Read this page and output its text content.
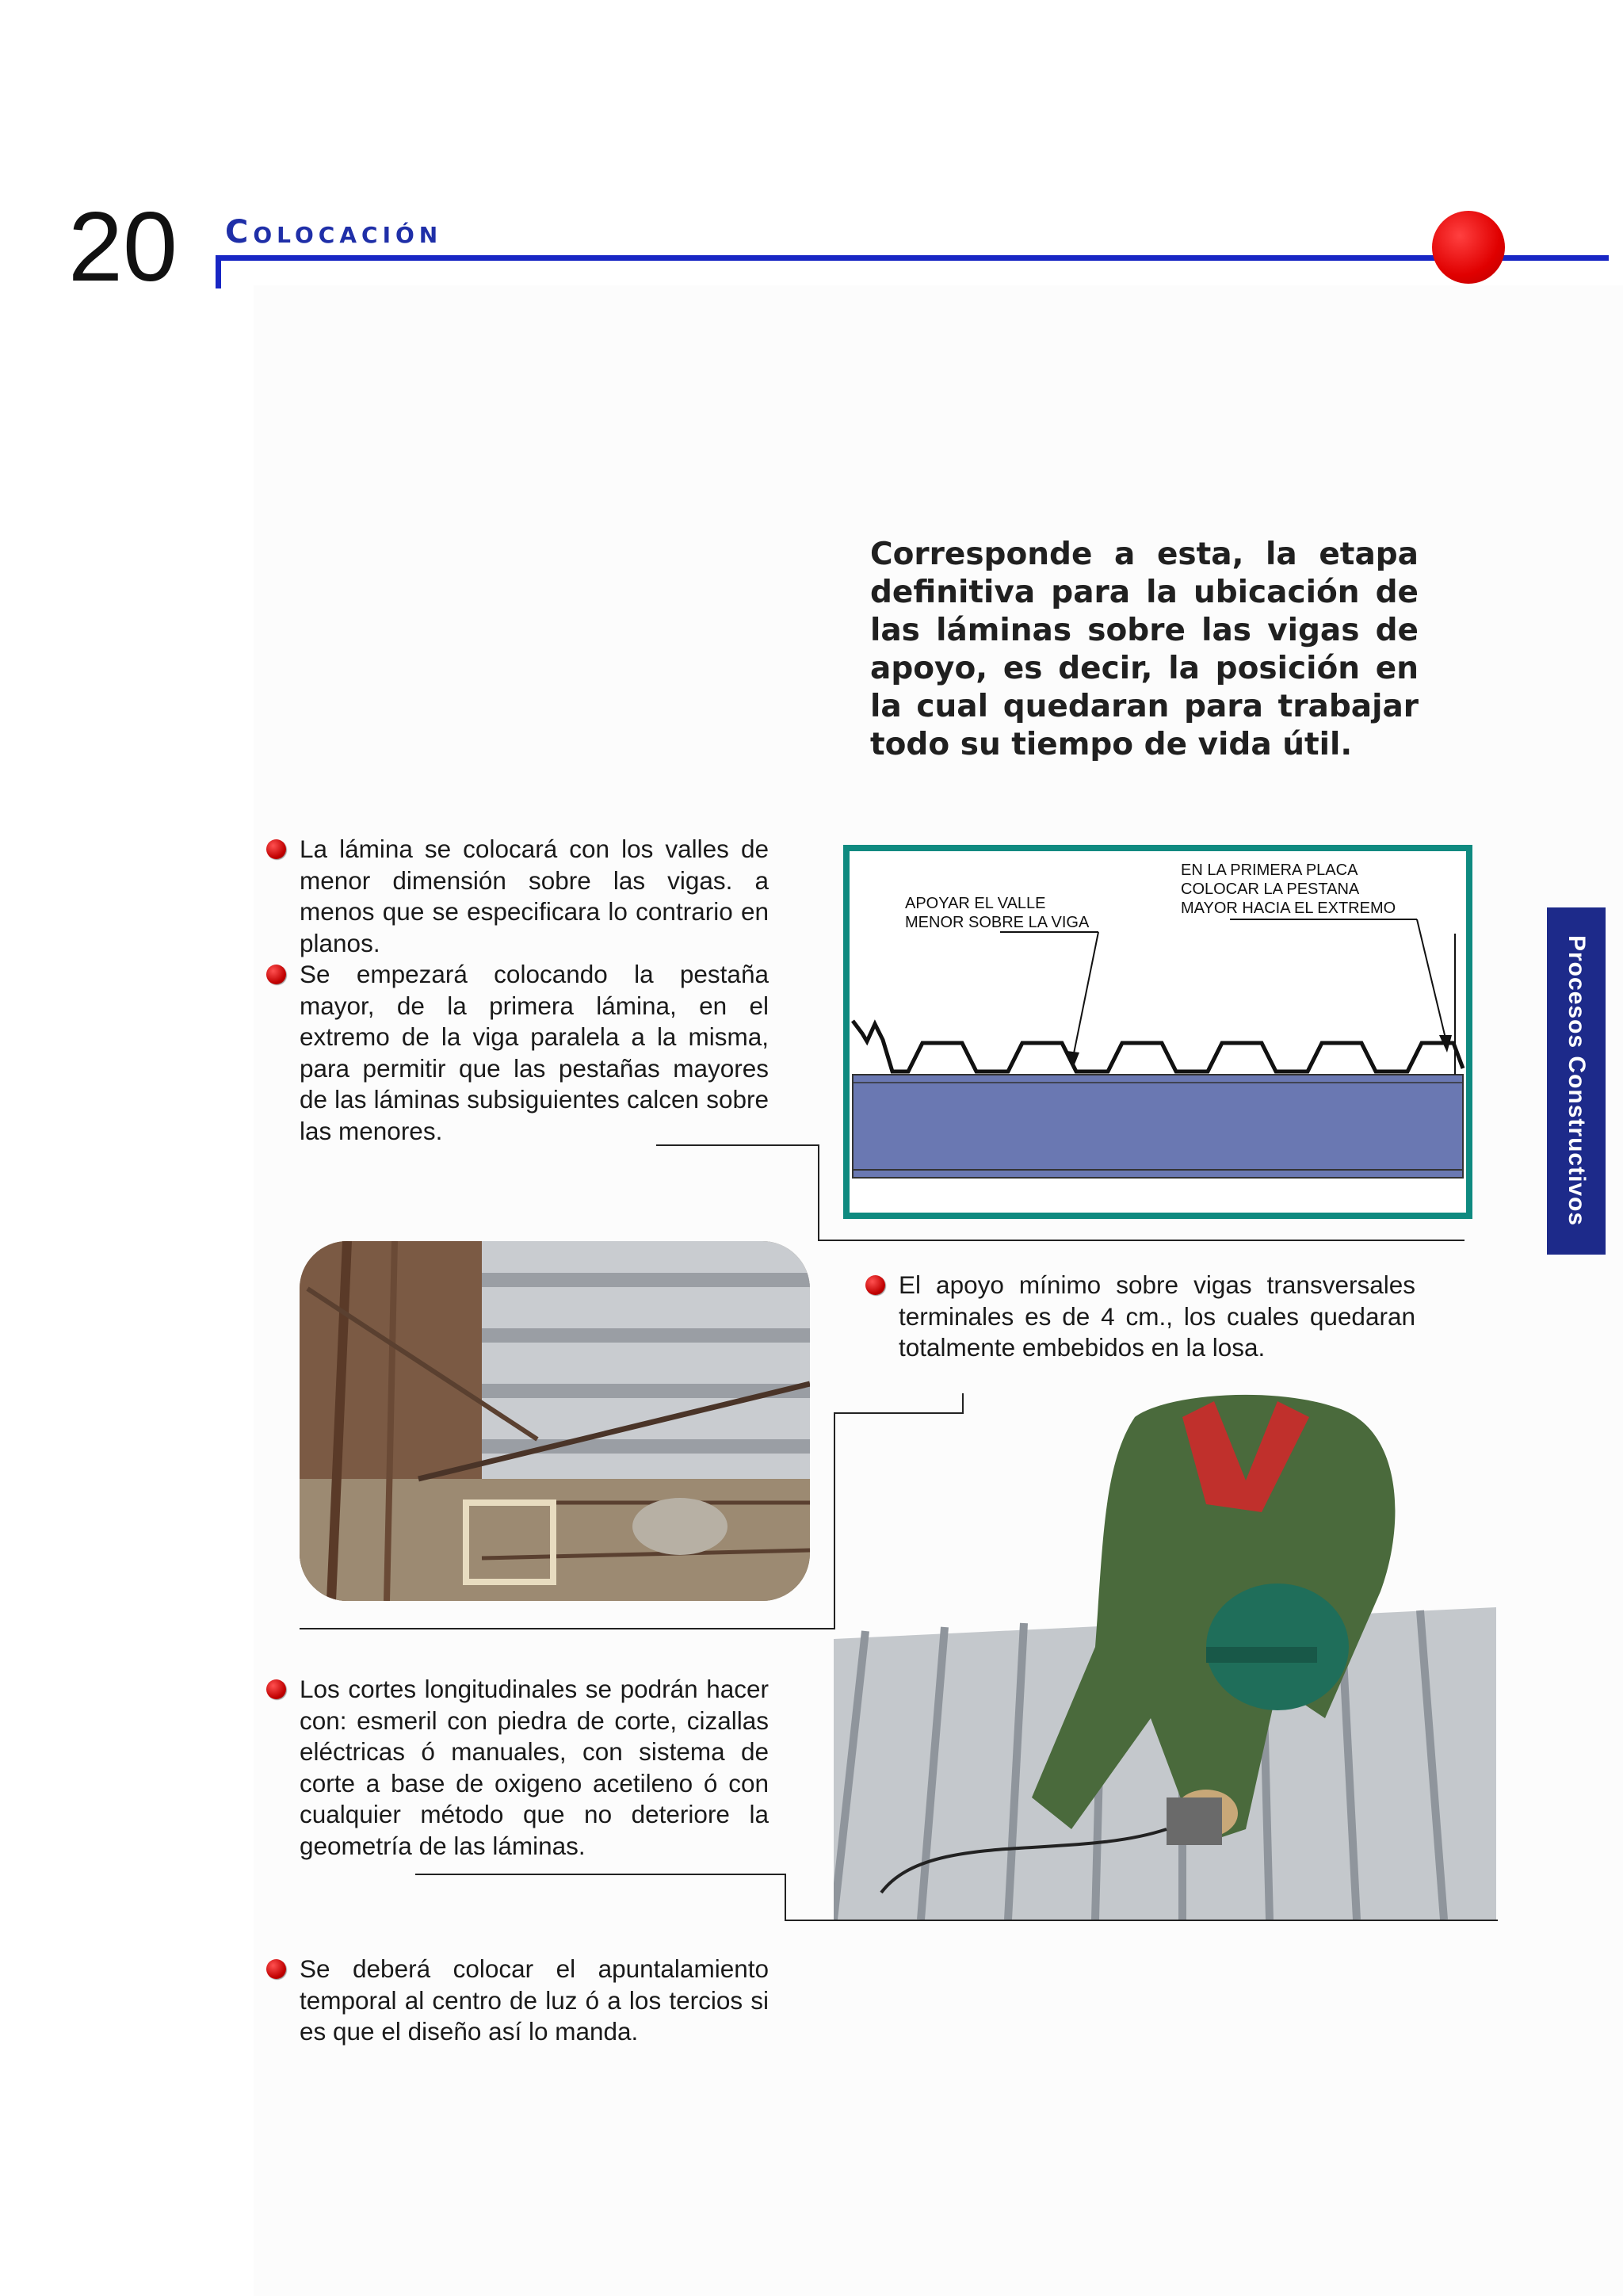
20 Colocación
Corresponde a esta, la etapa definitiva para la ubicación de las láminas sobre las vigas de apoyo, es decir, la posición en la cual quedaran para trabajar todo su tiempo de vida útil.

La lámina se colocará con los valles de menor dimensión sobre las vigas. a menos que se especificara lo contrario en planos.

Se empezará colocando la pestaña mayor, de la primera lámina, en el extremo de la viga paralela a la misma, para permitir que las pestañas mayores de las láminas subsiguientes calcen sobre las menores.

APOYAR EL VALLE
MENOR SOBRE LA VIGA
EN LA PRIMERA PLACA
COLOCAR LA PESTANA
MAYOR HACIA EL EXTREMO

El apoyo mínimo sobre vigas transversales terminales es de 4 cm., los cuales quedaran totalmente embebidos en la losa.

Los cortes longitudinales se podrán hacer con: esmeril con piedra de corte, cizallas eléctricas ó manuales, con sistema de corte a base de oxigeno acetileno ó con cualquier método que no deteriore la geometría de las láminas.

Se deberá colocar el apuntalamiento temporal al centro de luz ó a los tercios si es que el diseño así lo manda.

Procesos Constructivos
